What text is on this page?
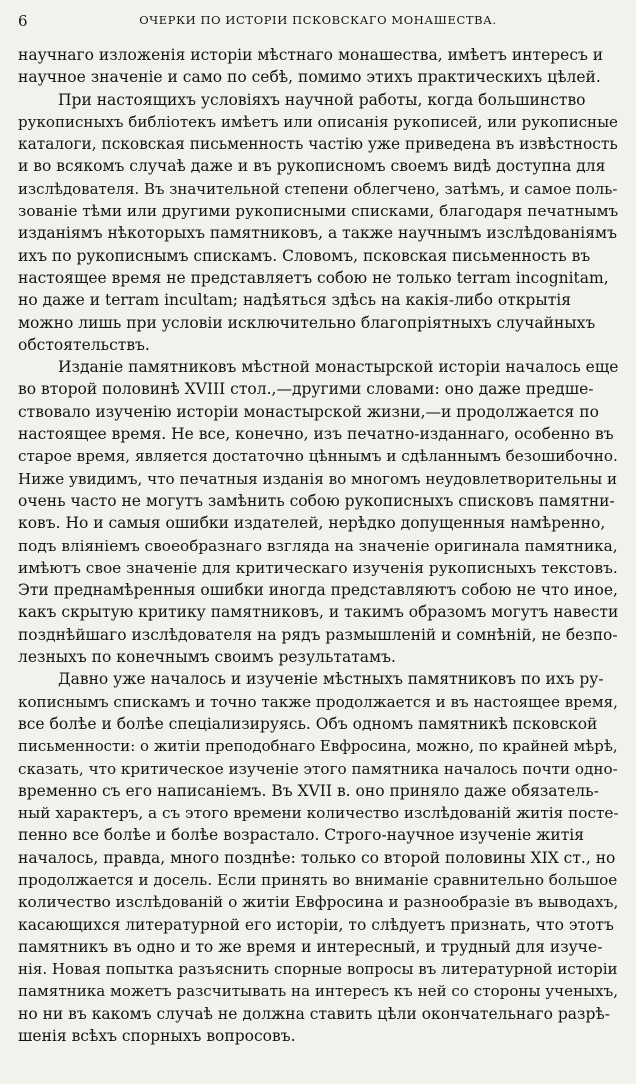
6	ОЧЕРКИ ПО ИСТОРІИ ПСКОВСКАГО МОНАШЕСТВА.
научнаго изложенія исторіи мѣстнаго монашества, имѣетъ интересъ и
научное значеніе и само по себѣ, помимо этихъ практическихъ цѣлей.
При настоящихъ условіяхъ научной работы, когда большинство
рукописныхъ библіотекъ имѣетъ или описанія рукописей, или рукописные
каталоги, псковская письменность частію уже приведена въ извѣстность
и во всякомъ случаѣ даже и въ рукописномъ своемъ видѣ доступна для
изслѣдователя. Въ значительной степени облегчено, затѣмъ, и самое поль-
зованіе тѣми или другими рукописными списками, благодаря печатнымъ
изданіямъ нѣкоторыхъ памятниковъ, а также научнымъ изслѣдованіямъ
ихъ по рукописнымъ спискамъ. Словомъ, псковская письменность въ
настоящее время не представляетъ собою не только terram incognitam,
но даже и terram incultam; надѣяться здѣсь на какія-либо открытія
можно лишь при условіи исключительно благопріятныхъ случайныхъ
обстоятельствъ.
Изданіе памятниковъ мѣстной монастырской исторіи началось еще
во второй половинѣ XVIII стол.,—другими словами: оно даже предше-
ствовало изученію исторіи монастырской жизни,—и продолжается по
настоящее время. Не все, конечно, изъ печатно-изданнаго, особенно въ
старое время, является достаточно цѣннымъ и сдѣланнымъ безошибочно.
Ниже увидимъ, что печатныя изданія во многомъ неудовлетворительны и
очень часто не могутъ замѣнить собою рукописныхъ списковъ памятни-
ковъ. Но и самыя ошибки издателей, нерѣдко допущенныя намѣренно,
подъ вліяніемъ своеобразнаго взгляда на значеніе оригинала памятника,
имѣютъ свое значеніе для критическаго изученія рукописныхъ текстовъ.
Эти преднамѣренныя ошибки иногда представляютъ собою не что иное,
какъ скрытую критику памятниковъ, и такимъ образомъ могутъ навести
позднѣйшаго изслѣдователя на рядъ размышленій и сомнѣній, не безпо-
лезныхъ по конечнымъ своимъ результатамъ.
Давно уже началось и изученіе мѣстныхъ памятниковъ по ихъ ру-
кописнымъ спискамъ и точно также продолжается и въ настоящее время,
все болѣе и болѣе спеціализируясь. Объ одномъ памятникѣ псковской
письменности: о житіи преподобнаго Евфросина, можно, по крайней мѣрѣ,
сказать, что критическое изученіе этого памятника началось почти одно-
временно съ его написаніемъ. Въ XVII в. оно приняло даже обязатель-
ный характеръ, а съ этого времени количество изслѣдованій житія посте-
пенно все болѣе и болѣе возрастало. Строго-научное изученіе житія
началось, правда, много позднѣе: только со второй половины XIX ст., но
продолжается и досель. Если принять во вниманіе сравнительно большое
количество изслѣдованій о житіи Евфросина и разнообразіе въ выводахъ,
касающихся литературной его исторіи, то слѣдуетъ признать, что этотъ
памятникъ въ одно и то же время и интересный, и трудный для изуче-
нія. Новая попытка разъяснить спорные вопросы въ литературной исторіи
памятника можетъ разсчитывать на интересъ къ ней со стороны ученыхъ,
но ни въ какомъ случаѣ не должна ставить цѣли окончательнаго разрѣ-
шенія всѣхъ спорныхъ вопросовъ.
